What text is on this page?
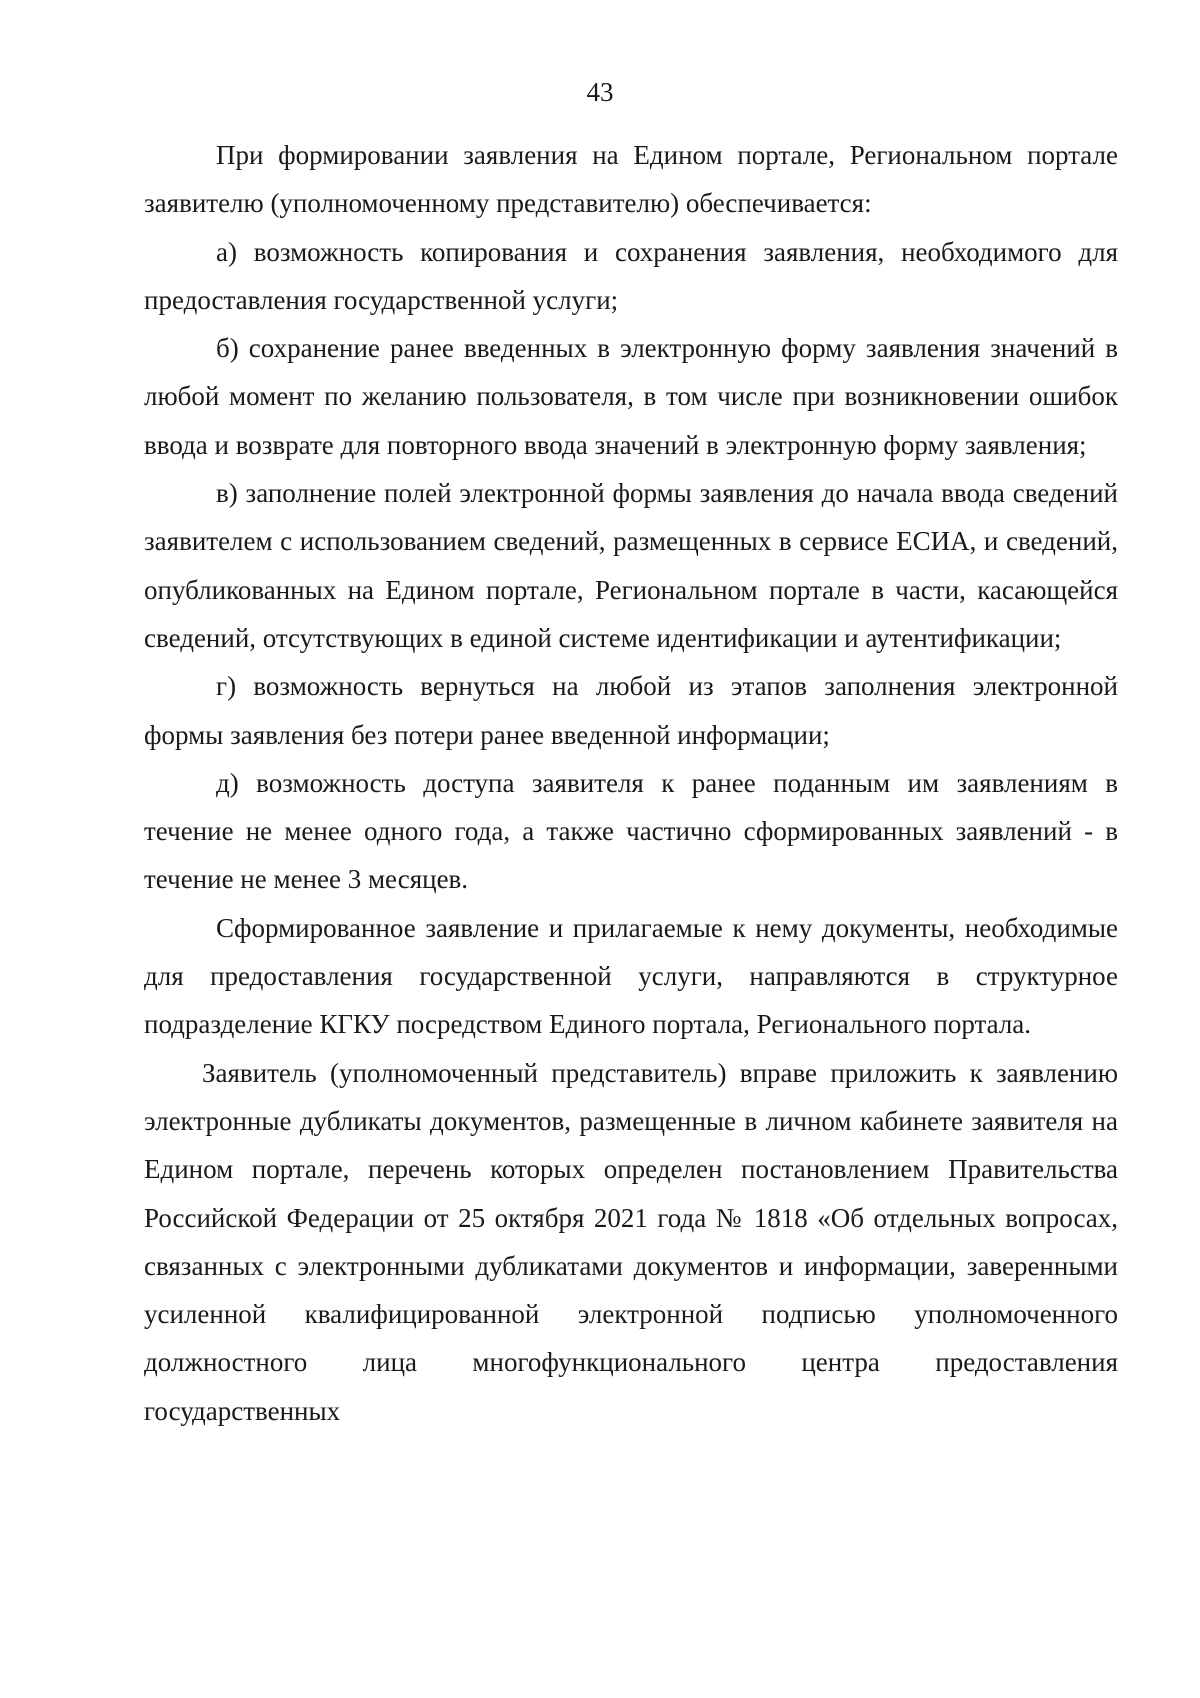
43

При формировании заявления на Едином портале, Региональном портале заявителю (уполномоченному представителю) обеспечивается:

а) возможность копирования и сохранения заявления, необходимого для предоставления государственной услуги;

б) сохранение ранее введенных в электронную форму заявления значений в любой момент по желанию пользователя, в том числе при возникновении ошибок ввода и возврате для повторного ввода значений в электронную форму заявления;

в) заполнение полей электронной формы заявления до начала ввода сведений заявителем с использованием сведений, размещенных в сервисе ЕСИА, и сведений, опубликованных на Едином портале, Региональном портале в части, касающейся сведений, отсутствующих в единой системе идентификации и аутентификации;

г) возможность вернуться на любой из этапов заполнения электронной формы заявления без потери ранее введенной информации;

д) возможность доступа заявителя к ранее поданным им заявлениям в течение не менее одного года, а также частично сформированных заявлений - в течение не менее 3 месяцев.

Сформированное заявление и прилагаемые к нему документы, необходимые для предоставления государственной услуги, направляются в структурное подразделение КГКУ посредством Единого портала, Регионального портала.

Заявитель (уполномоченный представитель) вправе приложить к заявлению электронные дубликаты документов, размещенные в личном кабинете заявителя на Едином портале, перечень которых определен постановлением Правительства Российской Федерации от 25 октября 2021 года № 1818 «Об отдельных вопросах, связанных с электронными дубликатами документов и информации, заверенными усиленной квалифицированной электронной подписью уполномоченного должностного лица многофункционального центра предоставления государственных
